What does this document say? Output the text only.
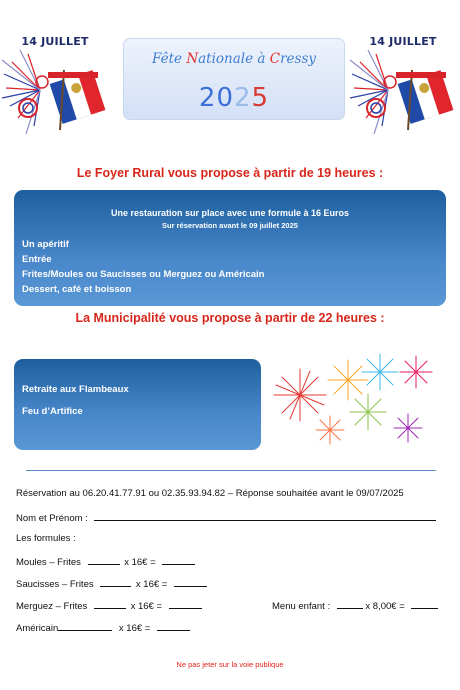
14 JUILLET	14 JUILLET
Fête Nationale à Cressy
2025
Le Foyer Rural vous propose à partir de 19 heures :
Une restauration sur place avec une formule à 16 Euros
Sur réservation avant le 09 juillet 2025
Un apéritif
Entrée
Frites/Moules ou Saucisses ou Merguez ou Américain
Dessert, café et boisson
La Municipalité vous propose à partir de 22 heures :
Retraite aux Flambeaux
Feu d’Artifice
Réservation au 06.20.41.77.91 ou 02.35.93.94.82 – Réponse souhaitée avant le 09/07/2025
Nom et Prénom :
Les formules :
Moules – Frites	x 16€ =
Saucisses – Frites	x 16€ =
Merguez – Frites	x 16€ =	Menu enfant :	x 8,00€ =
Américain	x 16€ =
Ne pas jeter sur la voie publique
